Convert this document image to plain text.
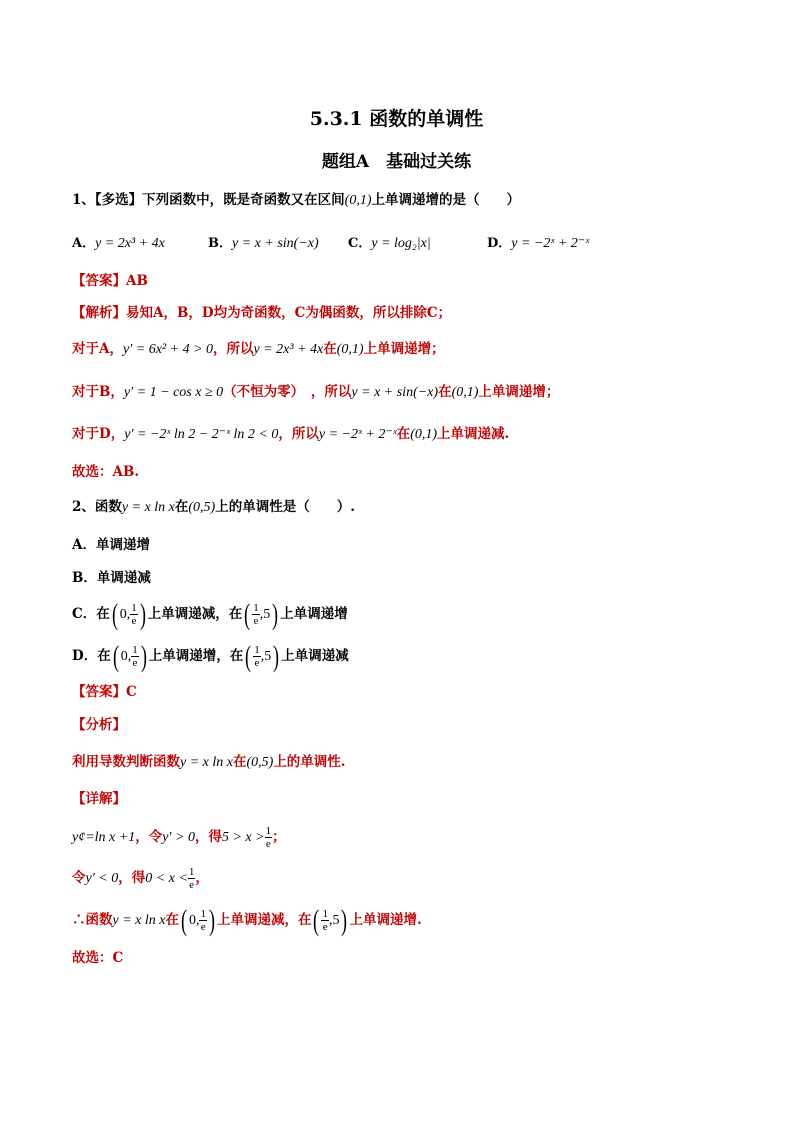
5.3.1 函数的单调性
题组A　基础过关练
1、【多选】下列函数中，既是奇函数又在区间(0,1)上单调递增的是（　　）
A．y = 2x³ + 4x	B．y = x + sin(−x) C．y = log₂|x|	D．y = −2ˣ + 2⁻ˣ
【答案】AB
【解析】易知A，B，D均为奇函数，C为偶函数，所以排除C；
对于A，y′ = 6x² + 4 > 0，所以y = 2x³ + 4x在(0,1)上单调递增；
对于B，y′ = 1 − cos x ≥ 0（不恒为零）　，所以y = x + sin(−x)在(0,1)上单调递增；
对于D，y′ = −2ˣ ln 2 − 2⁻ˣ ln 2 < 0，所以y = −2ˣ + 2⁻ˣ在(0,1)上单调递减.
故选：AB.
2、函数y = x ln x在(0,5)上的单调性是（　　）.
A．单调递增
B．单调递减
C．在 ( 0, $\frac{1}{e}$ ) 上单调递减，在 ( $\frac{1}{e} ,5$ ) 上单调递增
D．在 ( 0, $\frac{1}{e}$ ) 上单调递增，在 ( $\frac{1}{e} ,5$ ) 上单调递减
【答案】C
【分析】
利用导数判断函数y = x ln x在(0,5)上的单调性.
【详解】
y¢=ln x +1，令y′ > 0，得$5 > x > \frac{1}{e}$ ；
令y′ < 0，得$0 < x < \frac{1}{e}$ ，
∴函数y = x ln x在 ( 0, $\frac{1}{e}$ ) 上单调递减，在 ( $\frac{1}{e} ,5$ ) 上单调递增.
故选：C
